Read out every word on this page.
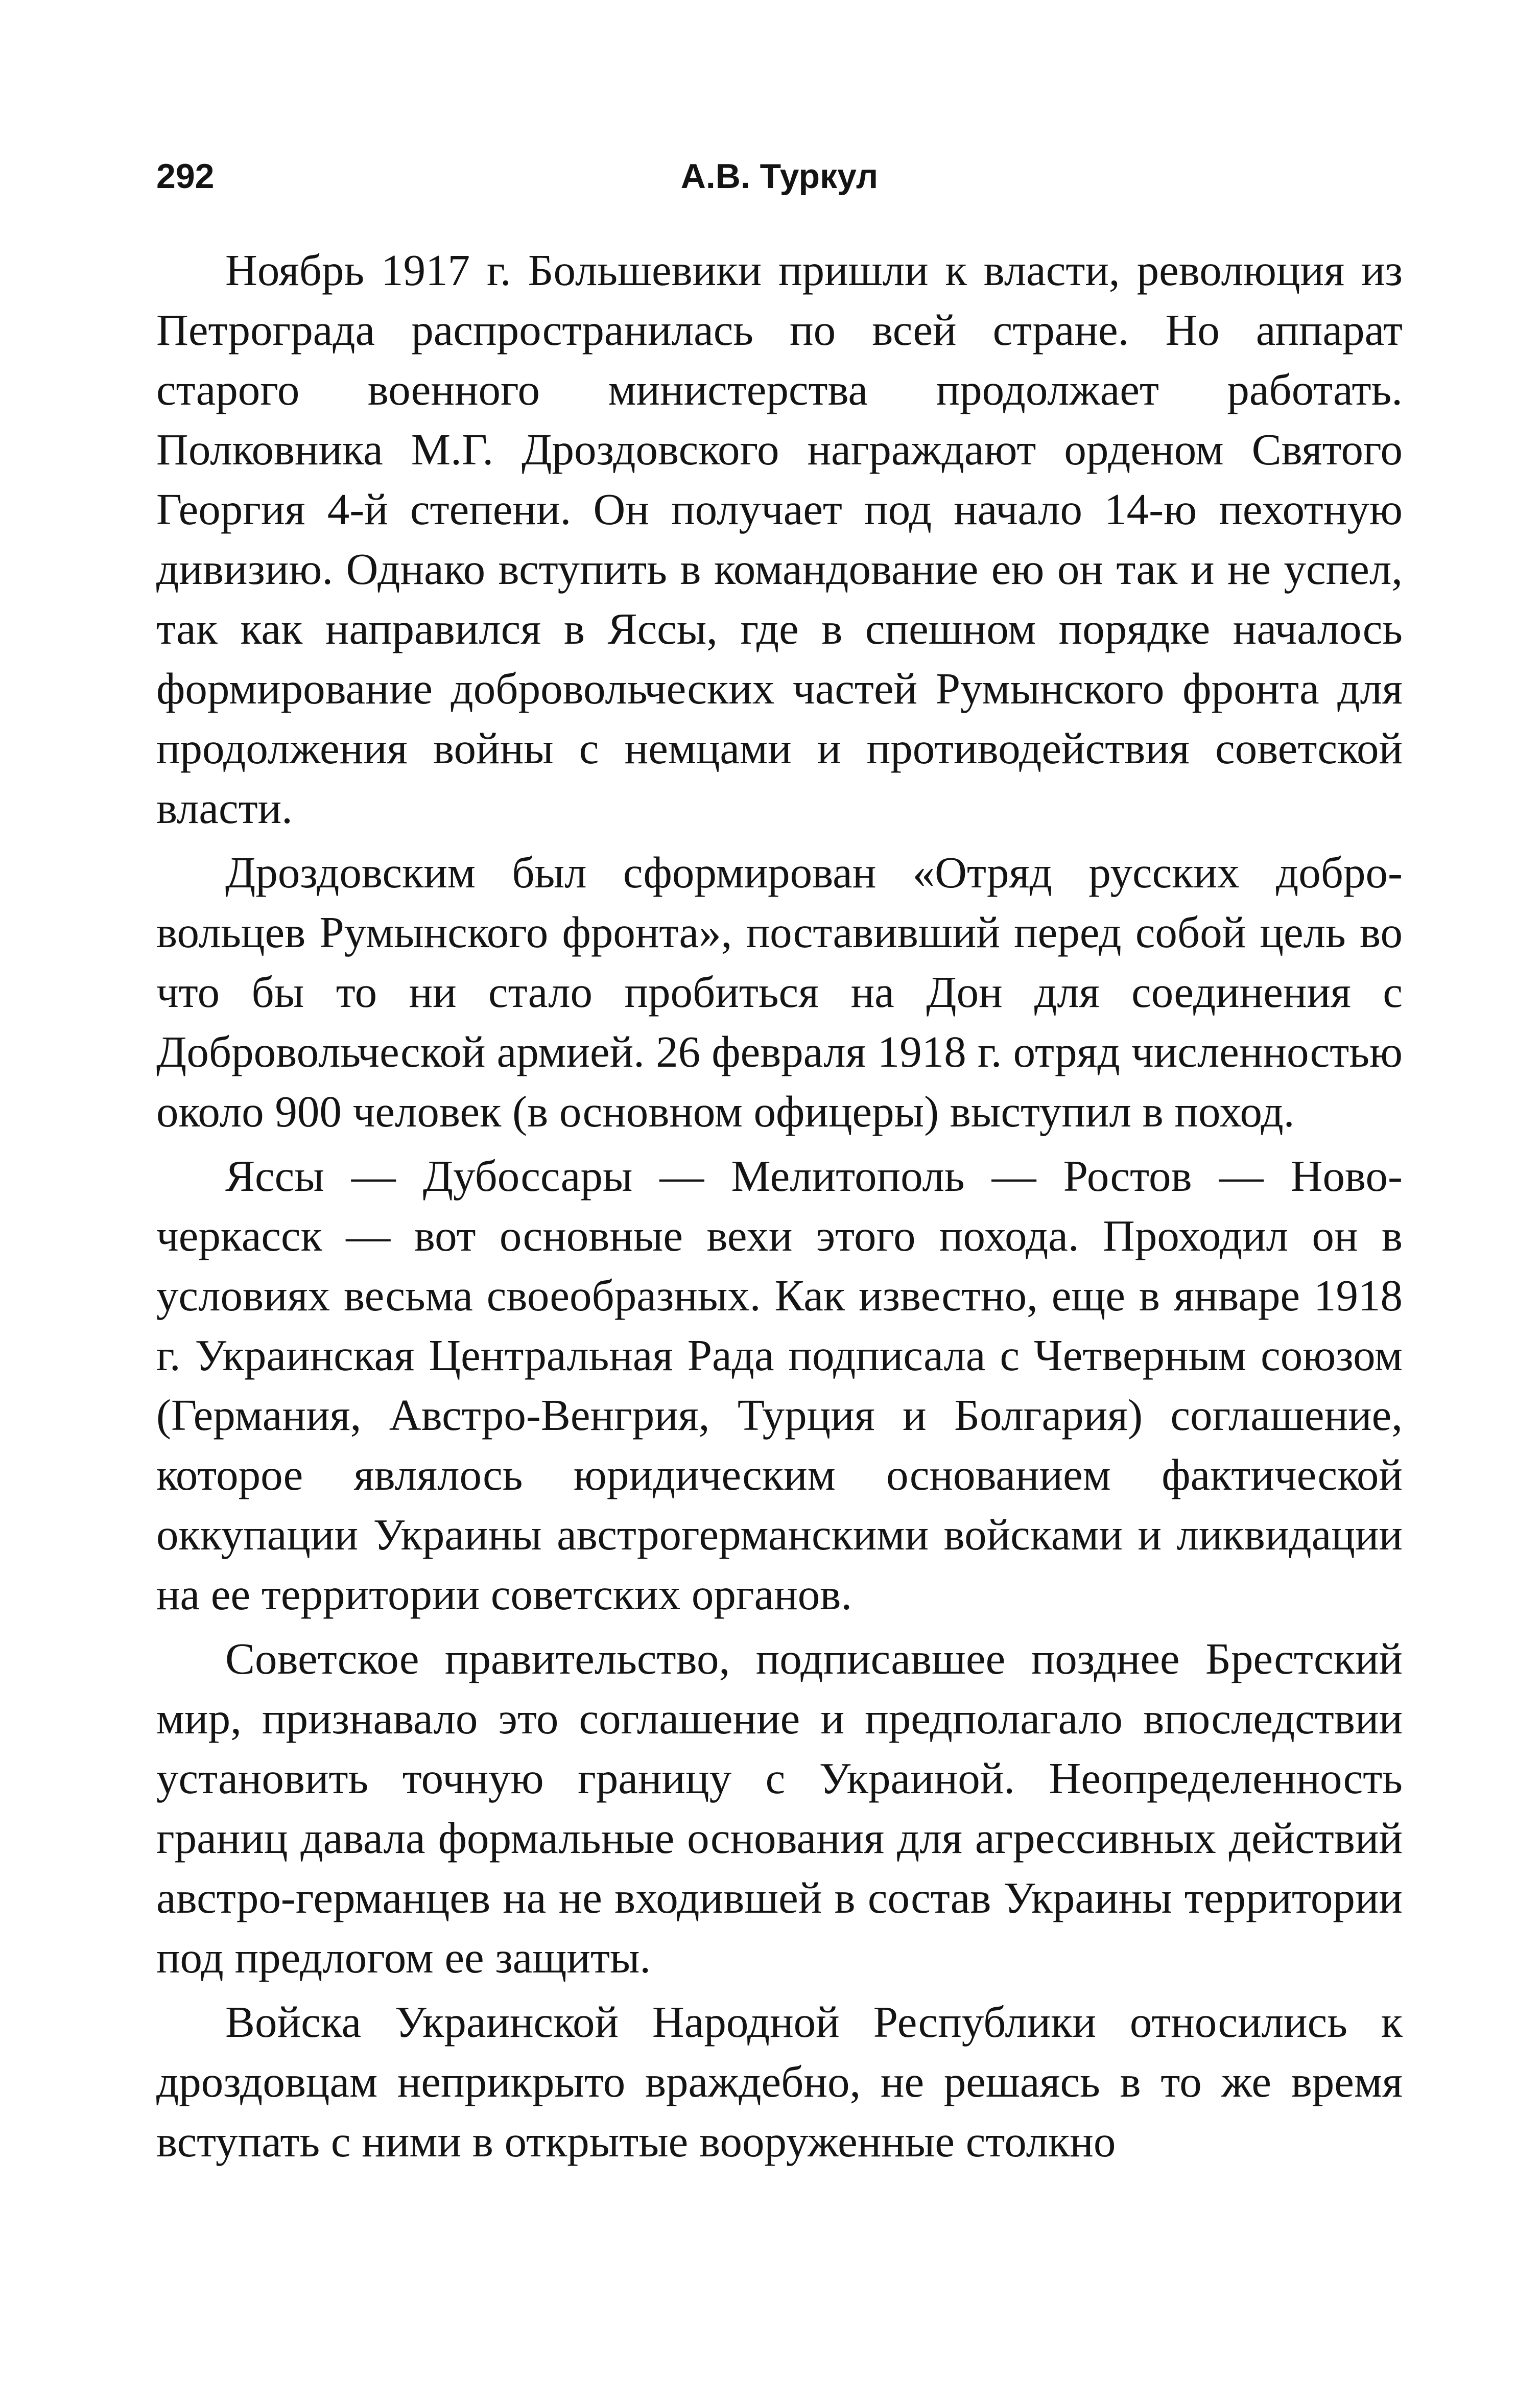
292	А.В. Туркул

Ноябрь 1917 г. Большевики пришли к власти, революция из Петрограда распространилась по всей стране. Но аппарат старого военного министерства продолжает работать. Полковника М.Г. Дроздовского награждают орденом Святого Георгия 4-й степени. Он получает под начало 14-ю пехотную дивизию. Однако вступить в командование ею он так и не успел, так как направился в Яссы, где в спешном порядке началось формирование добровольческих частей Румынского фронта для продолжения войны с немцами и противодействия советской власти.

Дроздовским был сформирован «Отряд русских добровольцев Румынского фронта», поставивший перед собой цель во что бы то ни стало пробиться на Дон для соединения с Добровольческой армией. 26 февраля 1918 г. отряд численностью около 900 человек (в основном офицеры) выступил в поход.

Яссы — Дубоссары — Мелитополь — Ростов — Новочеркасск — вот основные вехи этого похода. Проходил он в условиях весьма своеобразных. Как известно, еще в январе 1918 г. Украинская Центральная Рада подписала с Четверным союзом (Германия, Австро-Венгрия, Турция и Болгария) соглашение, которое являлось юридическим основанием фактической оккупации Украины австрогерманскими войсками и ликвидации на ее территории советских органов.

Советское правительство, подписавшее позднее Брестский мир, признавало это соглашение и предполагало впоследствии установить точную границу с Украиной. Неопределенность границ давала формальные основания для агрессивных действий австро-германцев на не входившей в состав Украины территории под предлогом ее защиты.

Войска Украинской Народной Республики относились к дроздовцам неприкрыто враждебно, не решаясь в то же время вступать с ними в открытые вооруженные столкно
